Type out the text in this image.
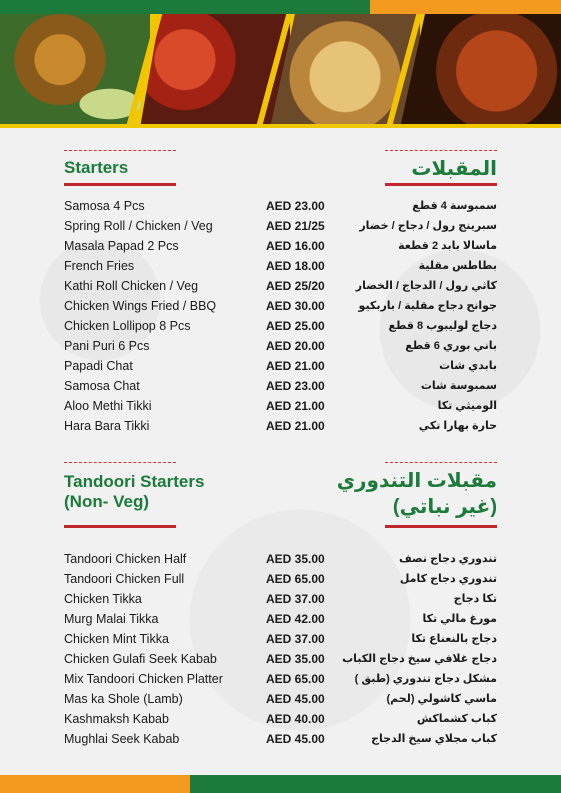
Starters	المقبلات
Samosa 4 Pcs	AED 23.00	سمبوسة 4 قطع
Spring Roll / Chicken / Veg	AED 21/25	سبرينج رول / دجاج / خضار
Masala Papad 2 Pcs	AED 16.00	ماسالا بابد 2 قطعة
French Fries	AED 18.00	بطاطس مقلية
Kathi Roll Chicken / Veg	AED 25/20	كاثي رول / الدجاج / الخضار
Chicken Wings Fried / BBQ	AED 30.00	جوانح دجاج مقلية / باربكيو
Chicken Lollipop 8 Pcs	AED 25.00	دجاج لوليبوب 8 قطع
Pani Puri 6 Pcs	AED 20.00	باني بوري 6 قطع
Papadi Chat	AED 21.00	بابدي شات
Samosa Chat	AED 23.00	سمبوسة شات
Aloo Methi Tikki	AED 21.00	الوميثي تكا
Hara Bara Tikki	AED 21.00	حارة بهارا تكي
Tandoori Starters
(Non- Veg)
مقبلات التندوري
(غير نباتي)
Tandoori Chicken Half	AED 35.00	تندوري دجاج نصف
Tandoori Chicken Full	AED 65.00	تندوري دجاج كامل
Chicken Tikka	AED 37.00	تكا دجاج
Murg Malai Tikka	AED 42.00	مورغ مالي تكا
Chicken Mint Tikka	AED 37.00	دجاج بالنعناع تكا
Chicken Gulafi Seek Kabab	AED 35.00 دجاج غلافي سيخ دجاج الكباب
Mix Tandoori Chicken Platter	AED 65.00	مشكل دجاج تندوري (طبق )
Mas ka Shole (Lamb)	AED 45.00	ماسي كاشولي (لحم)
Kashmaksh Kabab	AED 40.00	كباب كشماكش
Mughlai Seek Kabab	AED 45.00	كباب مجلاي سيخ الدجاج
